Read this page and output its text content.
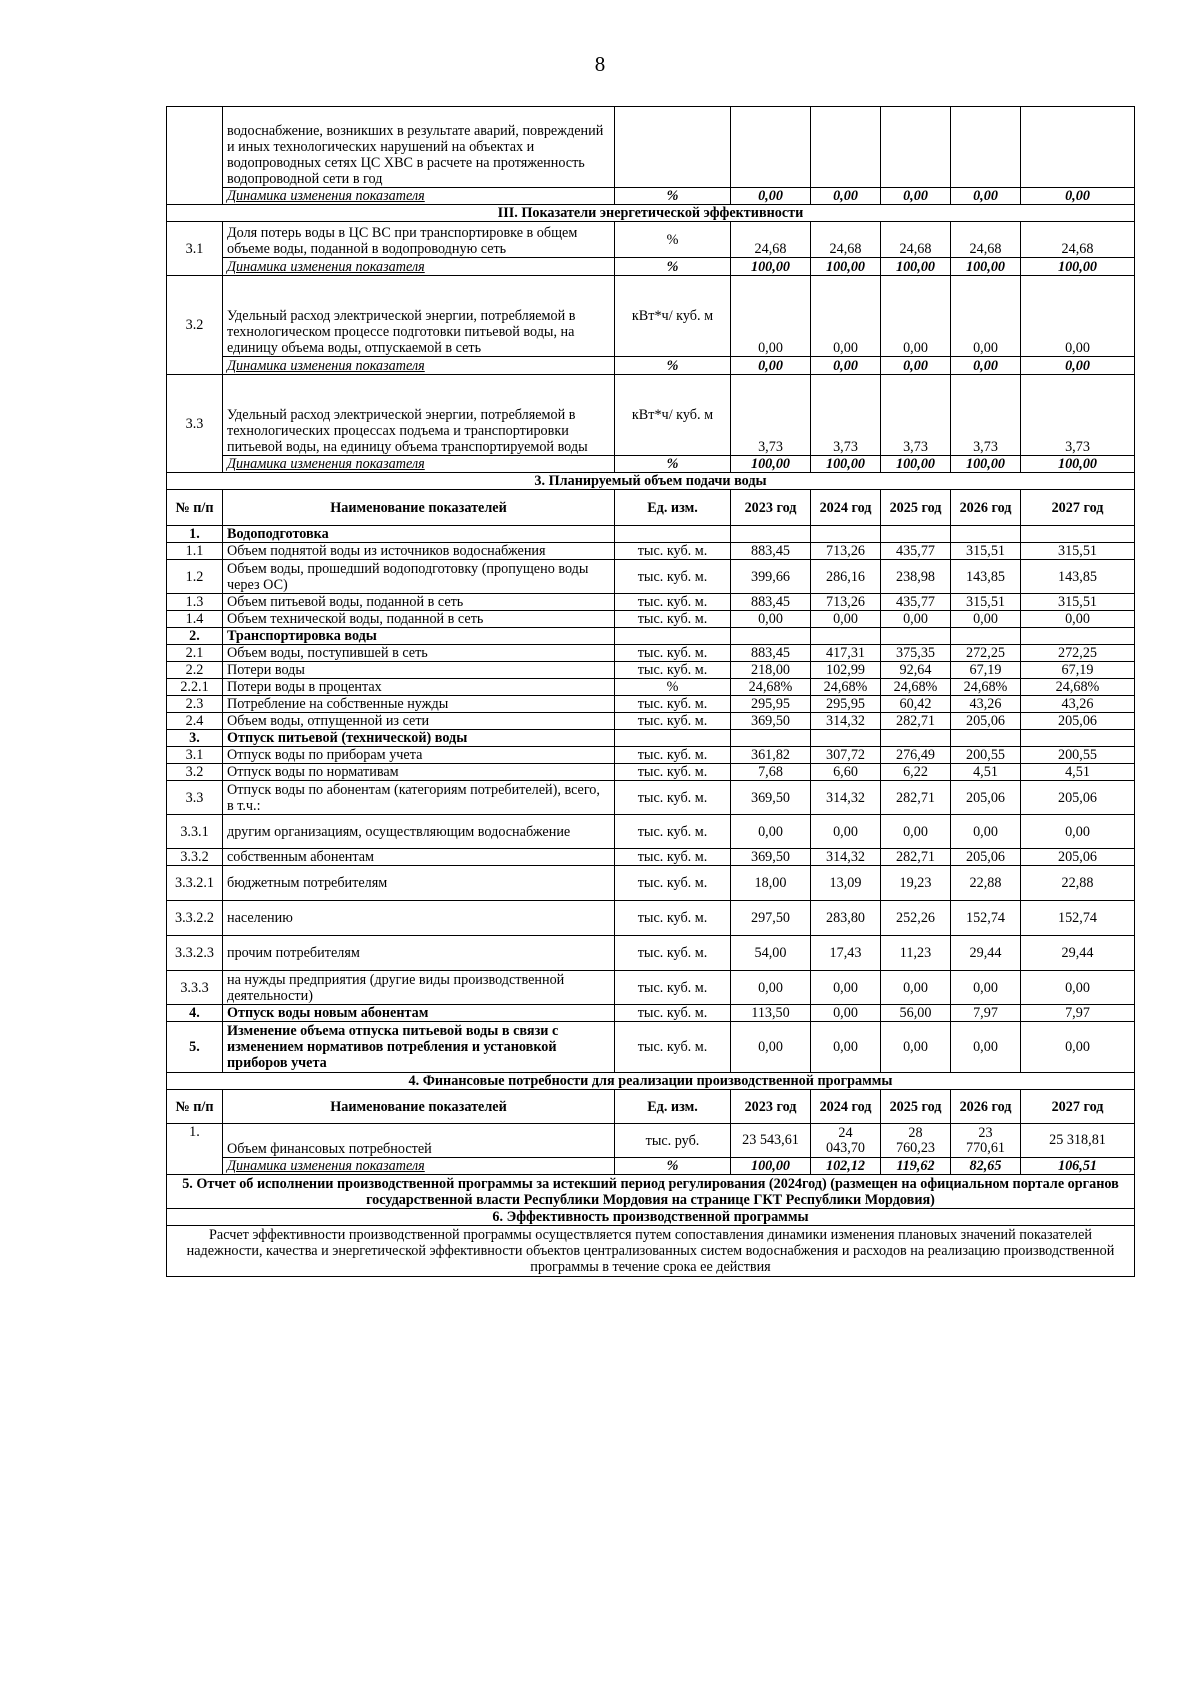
8
	водоснабжение, возникших в результате аварий, повреждений и иных технологических нарушений на объектах и водопроводных сетях ЦС ХВС в расчете на протяженность водопроводной сети в год						
	Динамика изменения показателя	%	0,00	0,00	0,00	0,00	0,00
III. Показатели энергетической эффективности							
3.1	Доля потерь воды в ЦС ВС при транспортировке в общем объеме воды, поданной в водопроводную сеть	%	24,68	24,68	24,68	24,68	24,68
	Динамика изменения показателя	%	100,00	100,00	100,00	100,00	100,00
3.2	Удельный расход электрической энергии, потребляемой в технологическом процессе подготовки питьевой воды, на единицу объема воды, отпускаемой в сеть	кВт*ч/ куб. м	0,00	0,00	0,00	0,00	0,00
	Динамика изменения показателя	%	0,00	0,00	0,00	0,00	0,00
3.3	Удельный расход электрической энергии, потребляемой в технологических процессах подъема и транспортировки питьевой воды, на единицу объема транспортируемой воды	кВт*ч/ куб. м	3,73	3,73	3,73	3,73	3,73
	Динамика изменения показателя	%	100,00	100,00	100,00	100,00	100,00
3. Планируемый объем подачи воды							
№ п/п	Наименование показателей	Ед. изм.	2023 год	2024 год	2025 год	2026 год	2027 год
1.	Водоподготовка						
1.1	Объем поднятой воды из источников водоснабжения	тыс. куб. м.	883,45	713,26	435,77	315,51	315,51
1.2	Объем воды, прошедший водоподготовку (пропущено воды через ОС)	тыс. куб. м.	399,66	286,16	238,98	143,85	143,85
1.3	Объем питьевой воды, поданной в сеть	тыс. куб. м.	883,45	713,26	435,77	315,51	315,51
1.4	Объем технической воды, поданной в сеть	тыс. куб. м.	0,00	0,00	0,00	0,00	0,00
2.	Транспортировка воды						
2.1	Объем воды, поступившей в сеть	тыс. куб. м.	883,45	417,31	375,35	272,25	272,25
2.2	Потери воды	тыс. куб. м.	218,00	102,99	92,64	67,19	67,19
2.2.1	Потери воды в процентах	%	24,68%	24,68%	24,68%	24,68%	24,68%
2.3	Потребление на собственные нужды	тыс. куб. м.	295,95	295,95	60,42	43,26	43,26
2.4	Объем воды, отпущенной из сети	тыс. куб. м.	369,50	314,32	282,71	205,06	205,06
3.	Отпуск питьевой (технической) воды						
3.1	Отпуск воды по приборам учета	тыс. куб. м.	361,82	307,72	276,49	200,55	200,55
3.2	Отпуск воды по нормативам	тыс. куб. м.	7,68	6,60	6,22	4,51	4,51
3.3	Отпуск воды по абонентам (категориям потребителей), всего, в т.ч.:	тыс. куб. м.	369,50	314,32	282,71	205,06	205,06
3.3.1	другим организациям, осуществляющим водоснабжение	тыс. куб. м.	0,00	0,00	0,00	0,00	0,00
3.3.2	собственным абонентам	тыс. куб. м.	369,50	314,32	282,71	205,06	205,06
3.3.2.1	бюджетным потребителям	тыс. куб. м.	18,00	13,09	19,23	22,88	22,88
3.3.2.2	населению	тыс. куб. м.	297,50	283,80	252,26	152,74	152,74
3.3.2.3	прочим потребителям	тыс. куб. м.	54,00	17,43	11,23	29,44	29,44
3.3.3	на нужды предприятия (другие виды производственной деятельности)	тыс. куб. м.	0,00	0,00	0,00	0,00	0,00
4.	Отпуск воды новым абонентам	тыс. куб. м.	113,50	0,00	56,00	7,97	7,97
5.	Изменение объема отпуска питьевой воды в связи с изменением нормативов потребления и установкой приборов учета	тыс. куб. м.	0,00	0,00	0,00	0,00	0,00
4. Финансовые потребности для реализации производственной программы							
№ п/п	Наименование показателей	Ед. изм.	2023 год	2024 год	2025 год	2026 год	2027 год
1.	Объем финансовых потребностей	тыс. руб.	23 543,61	24 043,70	28 760,23	23 770,61	25 318,81
	Динамика изменения показателя	%	100,00	102,12	119,62	82,65	106,51
5. Отчет об исполнении производственной программы за истекший период регулирования (2024год) (размещен на официальном портале органов государственной власти Республики Мордовия на странице ГКТ Республики Мордовия)							
6. Эффективность производственной программы							
Расчет эффективности производственной программы осуществляется путем сопоставления динамики изменения плановых значений показателей надежности, качества и энергетической эффективности объектов централизованных систем водоснабжения и расходов на реализацию производственной программы в течение срока ее действия							
